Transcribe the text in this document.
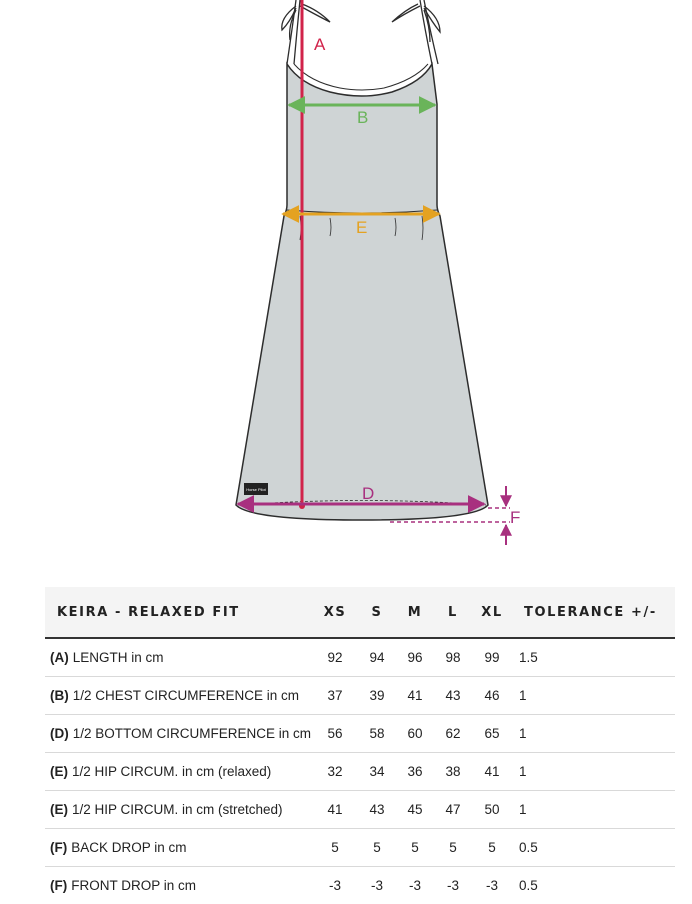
Horse Pilot
A
B
E
D
F
KEIRA - RELAXED FIT	XS	S	M	L	XL	TOLERANCE +/-
(A) LENGTH in cm	92	94	96	98	99	1.5
(B) 1/2 CHEST CIRCUMFERENCE in cm	37	39	41	43	46	1
(D) 1/2 BOTTOM CIRCUMFERENCE in cm	56	58	60	62	65	1
(E) 1/2 HIP CIRCUM. in cm (relaxed)	32	34	36	38	41	1
(E) 1/2 HIP CIRCUM. in cm (stretched)	41	43	45	47	50	1
(F) BACK DROP in cm	5	5	5	5	5	0.5
(F) FRONT DROP in cm	-3	-3	-3	-3	-3	0.5
